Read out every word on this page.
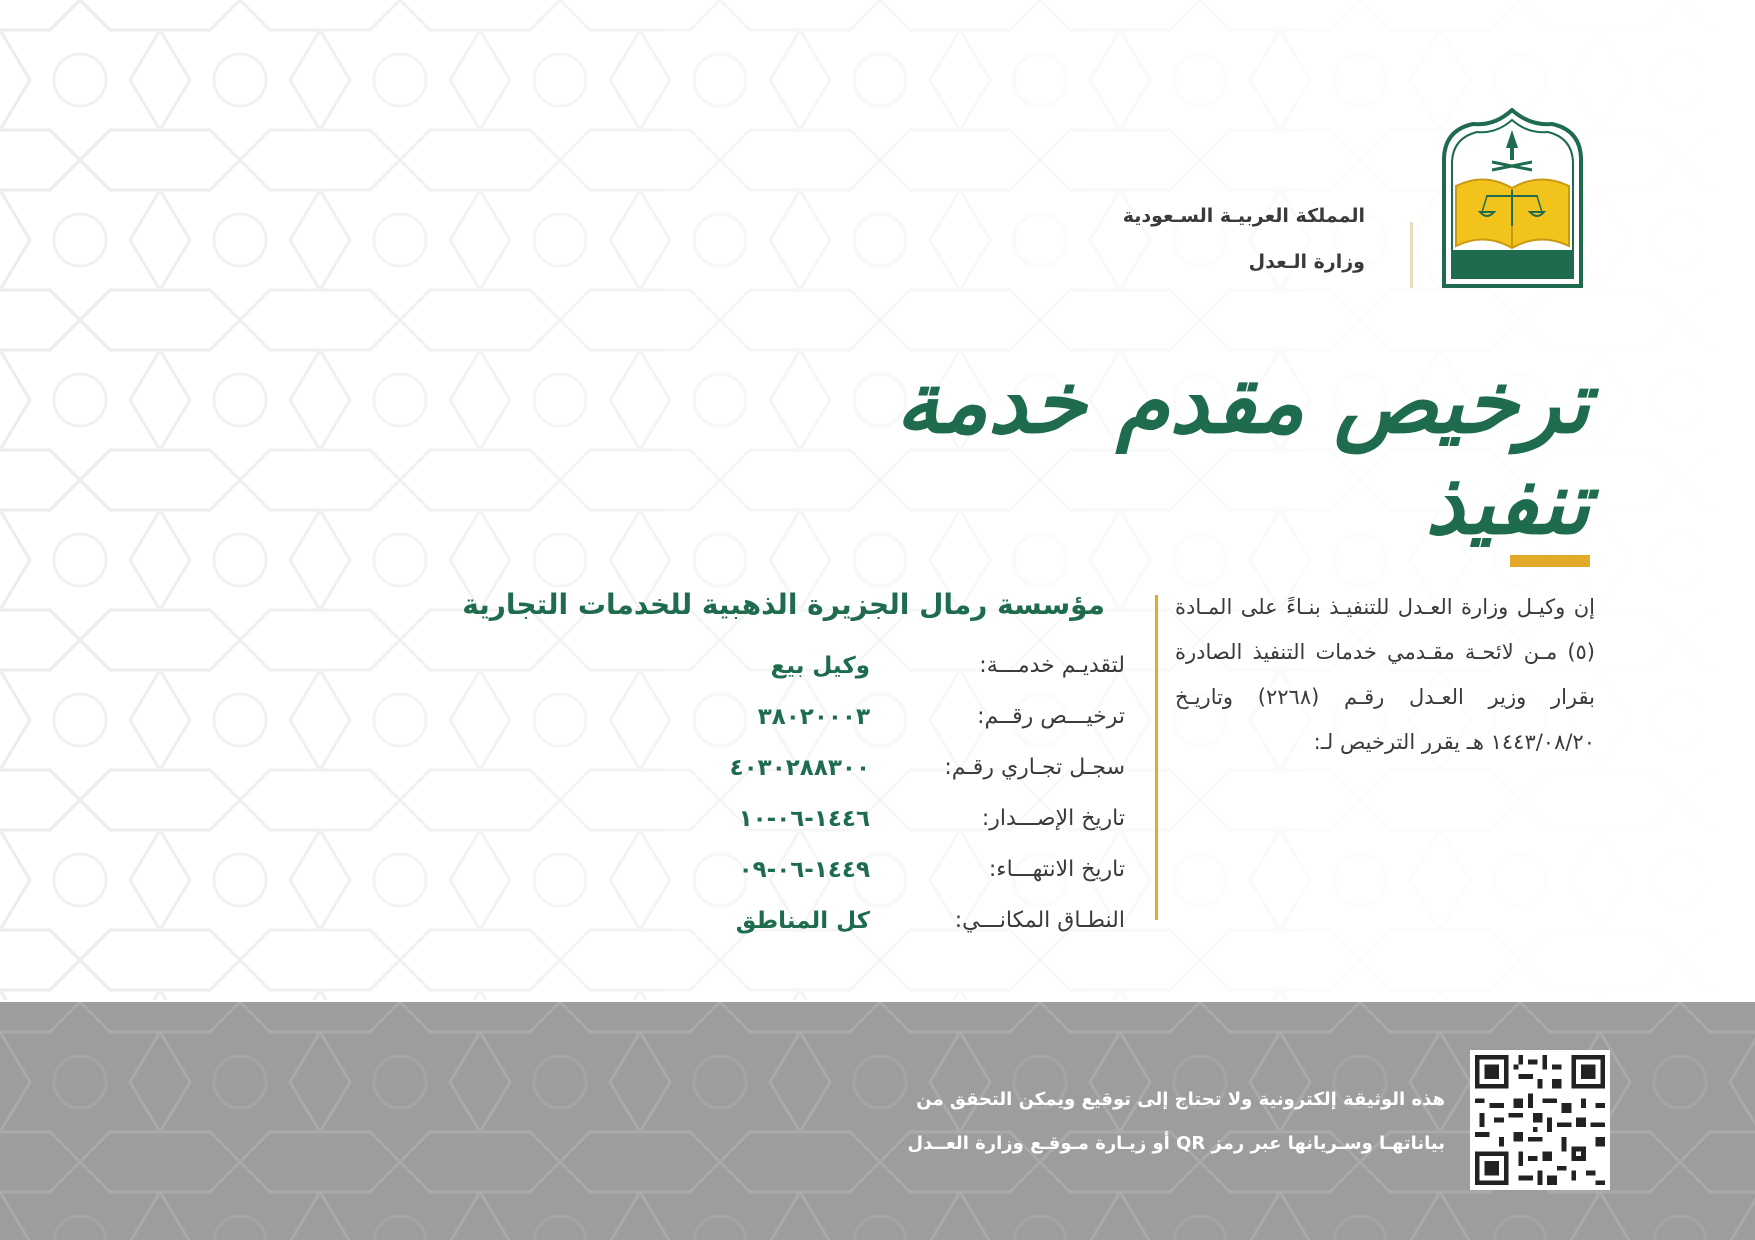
المملكة العربيـة السـعودية
وزارة الـعدل
ترخيص مقدم خدمة تنفيذ
إن وكيـل وزارة العـدل للتنفيـذ بنـاءً على المـادة (٥) مـن لائحـة مقـدمي خدمات التنفيذ الصادرة بقرار وزير العـدل رقـم (٢٢٦٨) وتاريـخ ١٤٤٣/٠٨/٢٠ هـ يقرر الترخيص لـ:
مؤسسة رمال الجزيرة الذهبية للخدمات التجارية
لتقديـم خدمـــة:
وكيل بيع
ترخيـــص رقــم:
٣٨٠٢٠٠٠٣
سجـل تجـاري رقـم:
٤٠٣٠٢٨٨٣٠٠
تاريخ الإصـــدار:
١٤٤٦-٠٦-١٠
تاريخ الانتهـــاء:
١٤٤٩-٠٦-٠٩
النطـاق المكانـــي:
كل المناطق
هذه الوثيقة إلكترونية ولا تحتاج إلى توقيع ويمكن التحقق من
بياناتهـا وسـريانها عبر رمز QR أو زيـارة مـوقـع وزارة العــدل
